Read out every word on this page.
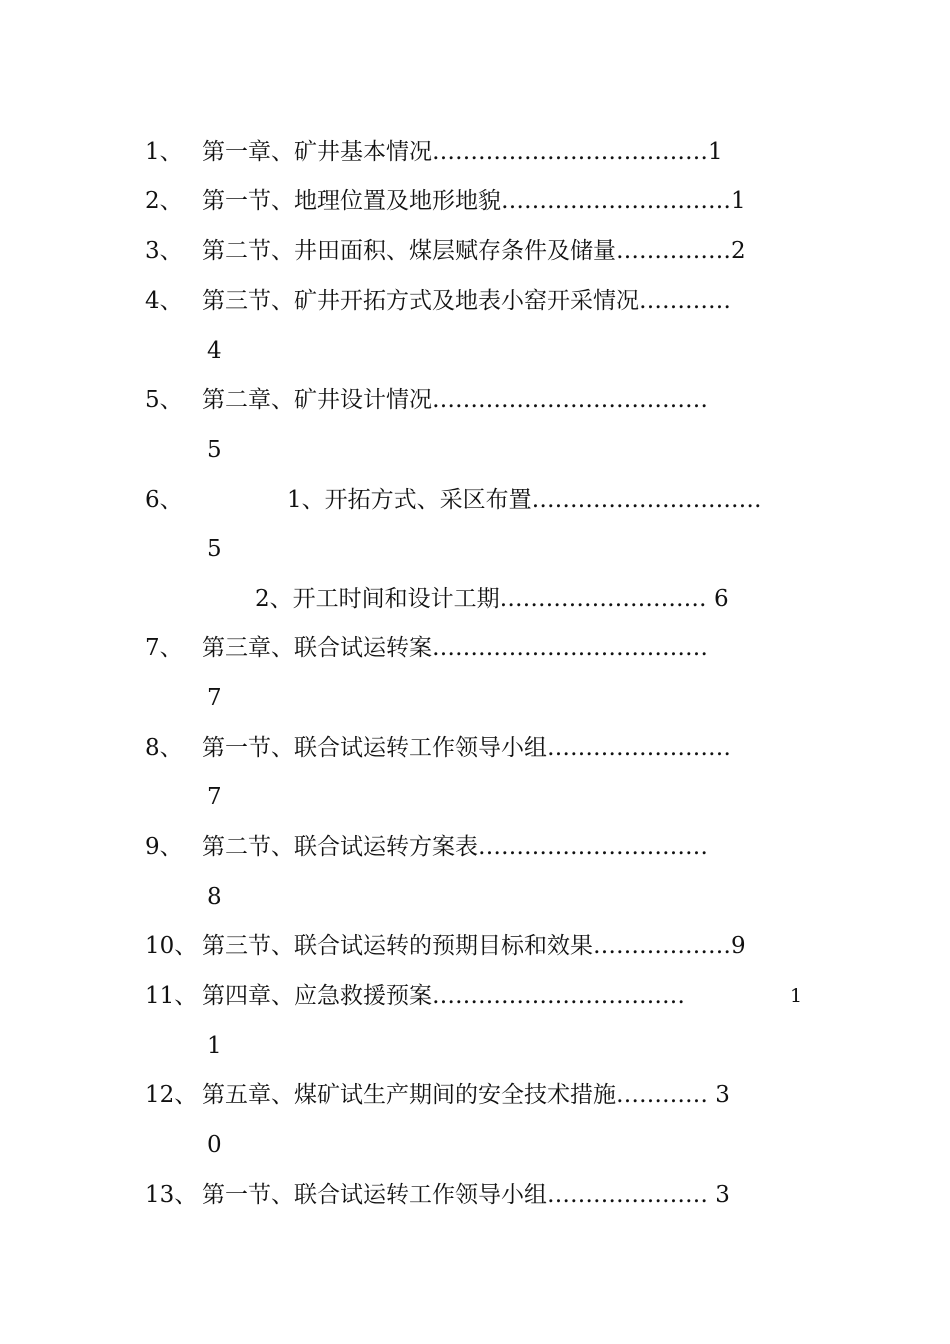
1、 第一章、矿井基本情况………………………………1
2、 第一节、地理位置及地形地貌…………………………1
3、 第二节、井田面积、煤层赋存条件及储量……………2
4、 第三节、矿井开拓方式及地表小窑开采情况…………
4
5、 第二章、矿井设计情况………………………………
5
6、	1、开拓方式、采区布置…………………………
5
2、开工时间和设计工期……………………… 6
7、 第三章、联合试运转案………………………………
7
8、 第一节、联合试运转工作领导小组……………………
7
9、 第二节、联合试运转方案表…………………………
8
10、 第三节、联合试运转的预期目标和效果………………9
11、 第四章、应急救援预案……………………………	1
1
12、 第五章、煤矿试生产期间的安全技术措施………… 3
0
13、 第一节、联合试运转工作领导小组………………… 3
